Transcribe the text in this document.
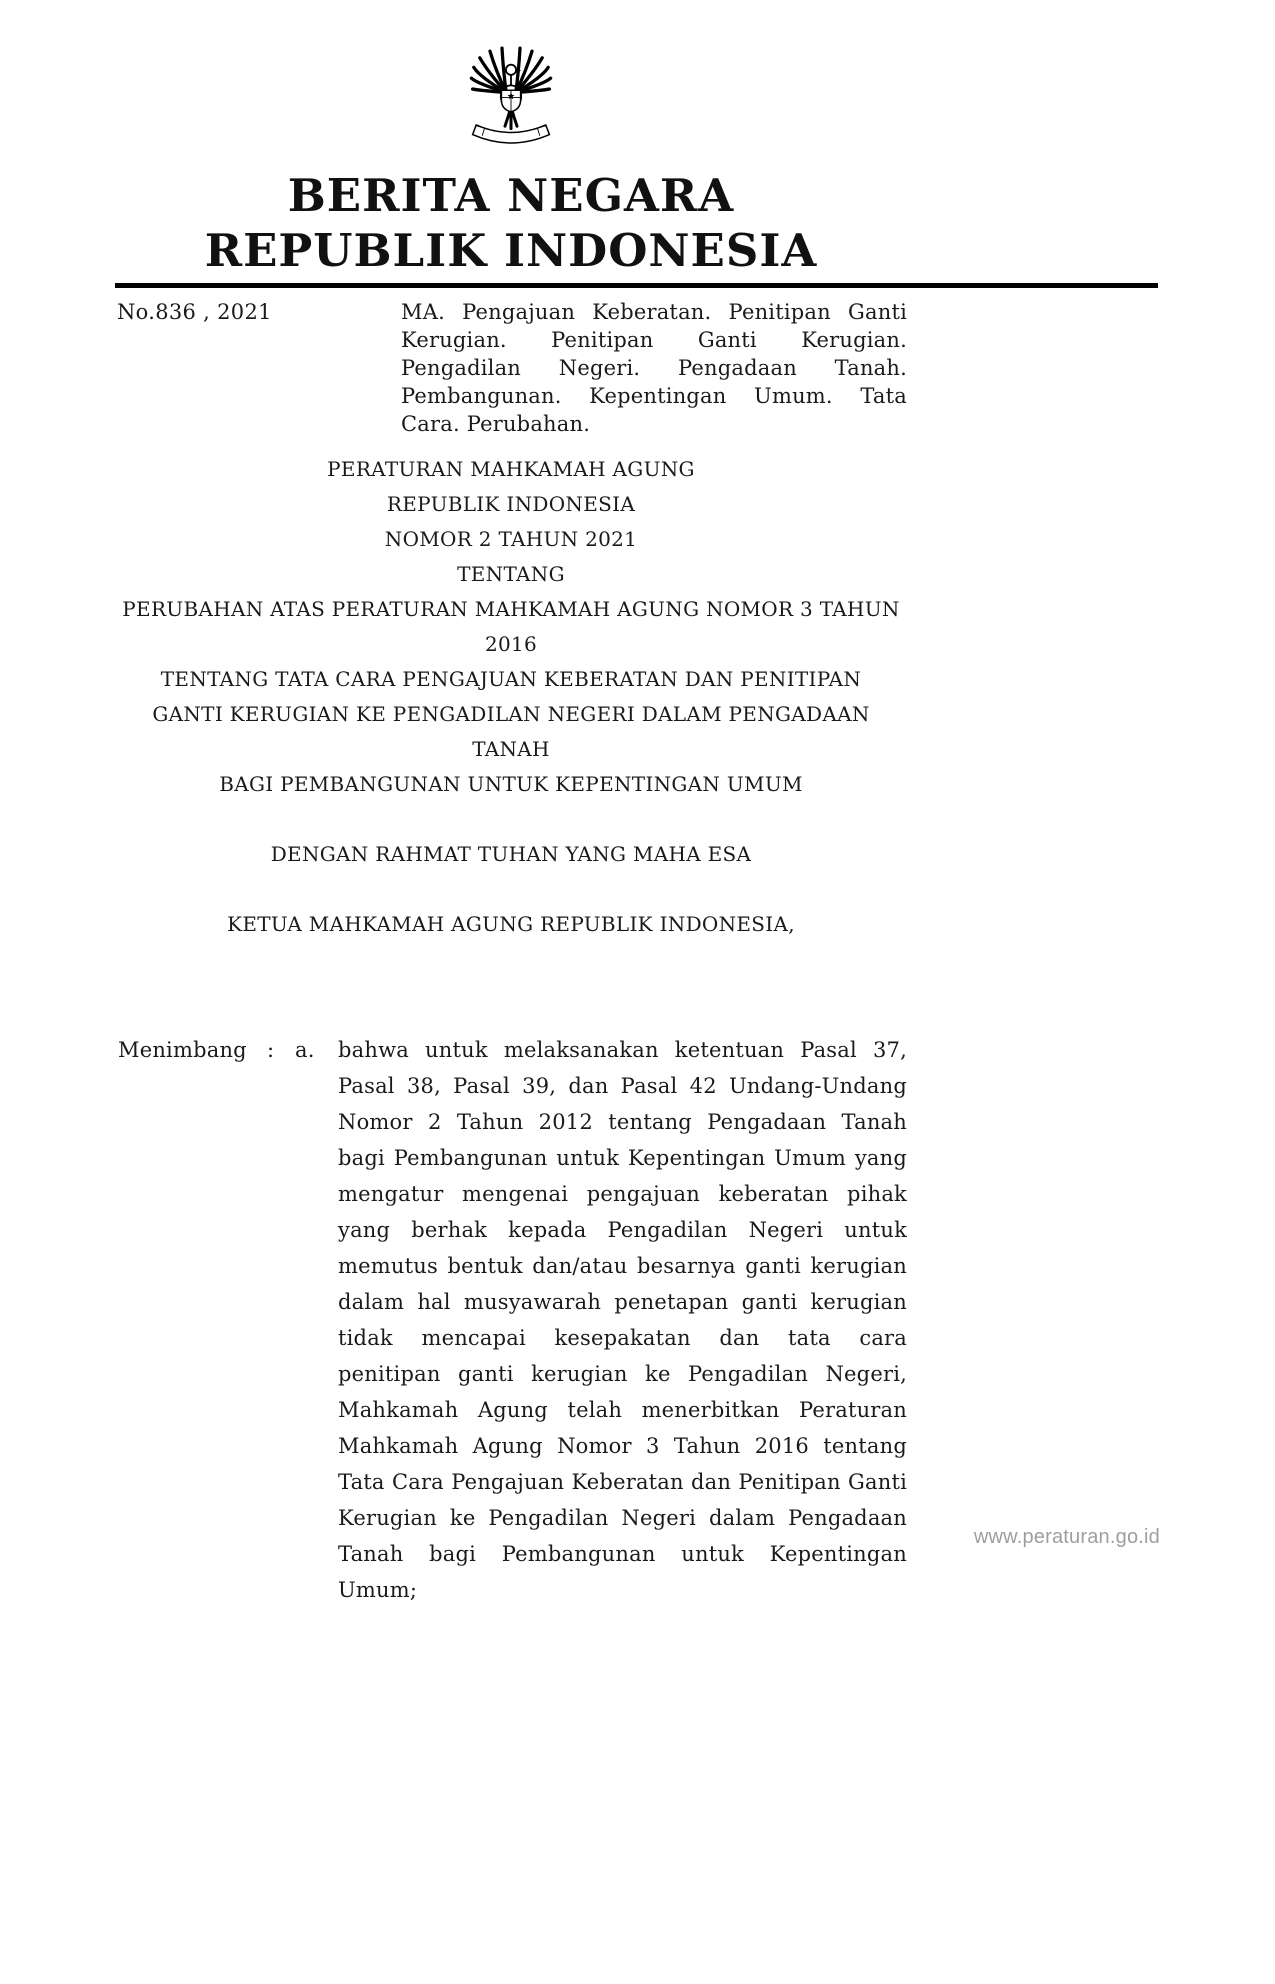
BERITA NEGARA
REPUBLIK INDONESIA
No.836 , 2021	MA. Pengajuan Keberatan. Penitipan Ganti Kerugian. Penitipan Ganti Kerugian. Pengadilan Negeri. Pengadaan Tanah. Pembangunan. Kepentingan Umum. Tata Cara. Perubahan.
PERATURAN MAHKAMAH AGUNG
REPUBLIK INDONESIA
NOMOR 2 TAHUN 2021
TENTANG
PERUBAHAN ATAS PERATURAN MAHKAMAH AGUNG NOMOR 3 TAHUN 2016
TENTANG TATA CARA PENGAJUAN KEBERATAN DAN PENITIPAN
GANTI KERUGIAN KE PENGADILAN NEGERI DALAM PENGADAAN TANAH
BAGI PEMBANGUNAN UNTUK KEPENTINGAN UMUM
DENGAN RAHMAT TUHAN YANG MAHA ESA
KETUA MAHKAMAH AGUNG REPUBLIK INDONESIA,
Menimbang : a.	bahwa untuk melaksanakan ketentuan Pasal 37, Pasal 38, Pasal 39, dan Pasal 42 Undang-Undang Nomor 2 Tahun 2012 tentang Pengadaan Tanah bagi Pembangunan untuk Kepentingan Umum yang mengatur mengenai pengajuan keberatan pihak yang berhak kepada Pengadilan Negeri untuk memutus bentuk dan/atau besarnya ganti kerugian dalam hal musyawarah penetapan ganti kerugian tidak mencapai kesepakatan dan tata cara penitipan ganti kerugian ke Pengadilan Negeri, Mahkamah Agung telah menerbitkan Peraturan Mahkamah Agung Nomor 3 Tahun 2016 tentang Tata Cara Pengajuan Keberatan dan Penitipan Ganti Kerugian ke Pengadilan Negeri dalam Pengadaan Tanah bagi Pembangunan untuk Kepentingan Umum;
www.peraturan.go.id
